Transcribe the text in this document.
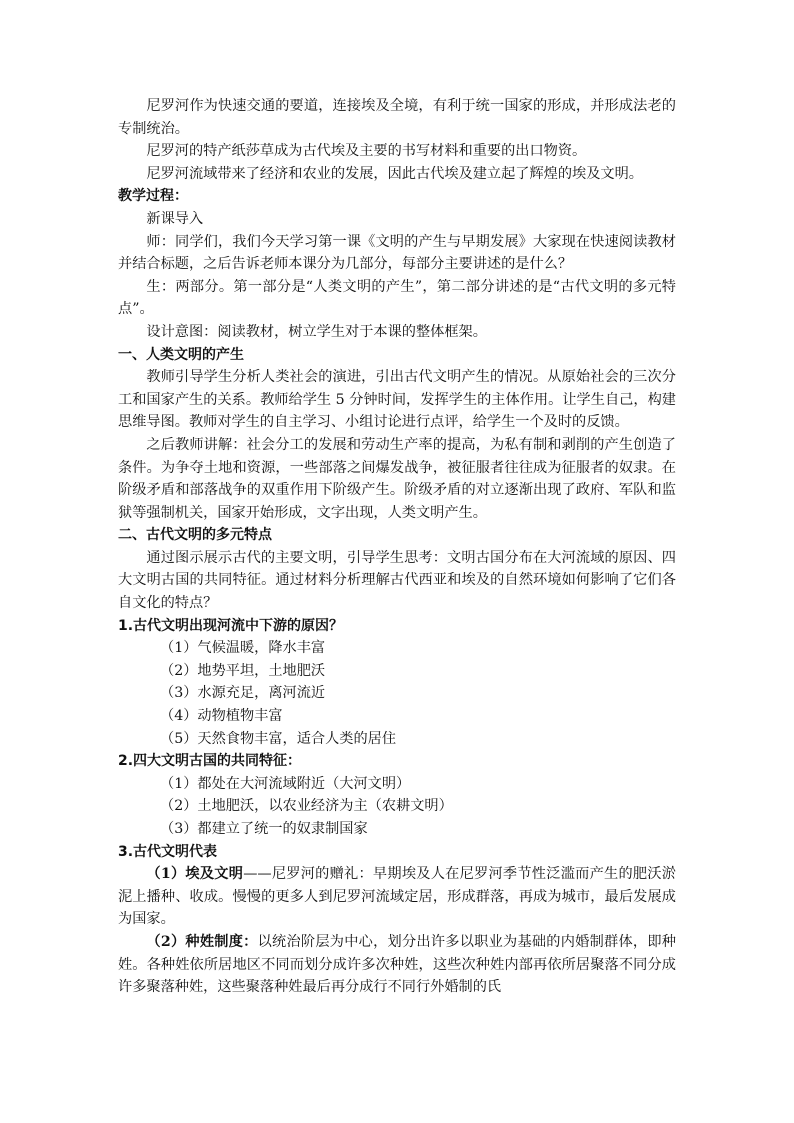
尼罗河作为快速交通的要道，连接埃及全境，有利于统一国家的形成，并形成法老的专制统治。

尼罗河的特产纸莎草成为古代埃及主要的书写材料和重要的出口物资。

尼罗河流域带来了经济和农业的发展，因此古代埃及建立起了辉煌的埃及文明。

教学过程：

新课导入

师：同学们，我们今天学习第一课《文明的产生与早期发展》大家现在快速阅读教材并结合标题，之后告诉老师本课分为几部分，每部分主要讲述的是什么？

生：两部分。第一部分是“人类文明的产生”，第二部分讲述的是“古代文明的多元特点”。

设计意图：阅读教材，树立学生对于本课的整体框架。

一、人类文明的产生

教师引导学生分析人类社会的演进，引出古代文明产生的情况。从原始社会的三次分工和国家产生的关系。教师给学生 5 分钟时间，发挥学生的主体作用。让学生自己，构建思维导图。教师对学生的自主学习、小组讨论进行点评，给学生一个及时的反馈。

之后教师讲解：社会分工的发展和劳动生产率的提高，为私有制和剥削的产生创造了条件。为争夺土地和资源，一些部落之间爆发战争，被征服者往往成为征服者的奴隶。在阶级矛盾和部落战争的双重作用下阶级产生。阶级矛盾的对立逐渐出现了政府、军队和监狱等强制机关，国家开始形成，文字出现，人类文明产生。

二、古代文明的多元特点

通过图示展示古代的主要文明，引导学生思考：文明古国分布在大河流域的原因、四大文明古国的共同特征。通过材料分析理解古代西亚和埃及的自然环境如何影响了它们各自文化的特点？

1.古代文明出现河流中下游的原因？

（1）气候温暖，降水丰富

（2）地势平坦，土地肥沃

（3）水源充足，离河流近

（4）动物植物丰富

（5）天然食物丰富，适合人类的居住

2.四大文明古国的共同特征：

（1）都处在大河流域附近（大河文明）

（2）土地肥沃，以农业经济为主（农耕文明）

（3）都建立了统一的奴隶制国家

3.古代文明代表

（1）埃及文明——尼罗河的赠礼：早期埃及人在尼罗河季节性泛滥而产生的肥沃淤泥上播种、收成。慢慢的更多人到尼罗河流域定居，形成群落，再成为城市，最后发展成为国家。

（2）种姓制度：以统治阶层为中心，划分出许多以职业为基础的内婚制群体，即种姓。各种姓依所居地区不同而划分成许多次种姓，这些次种姓内部再依所居聚落不同分成许多聚落种姓，这些聚落种姓最后再分成行不同行外婚制的氏
